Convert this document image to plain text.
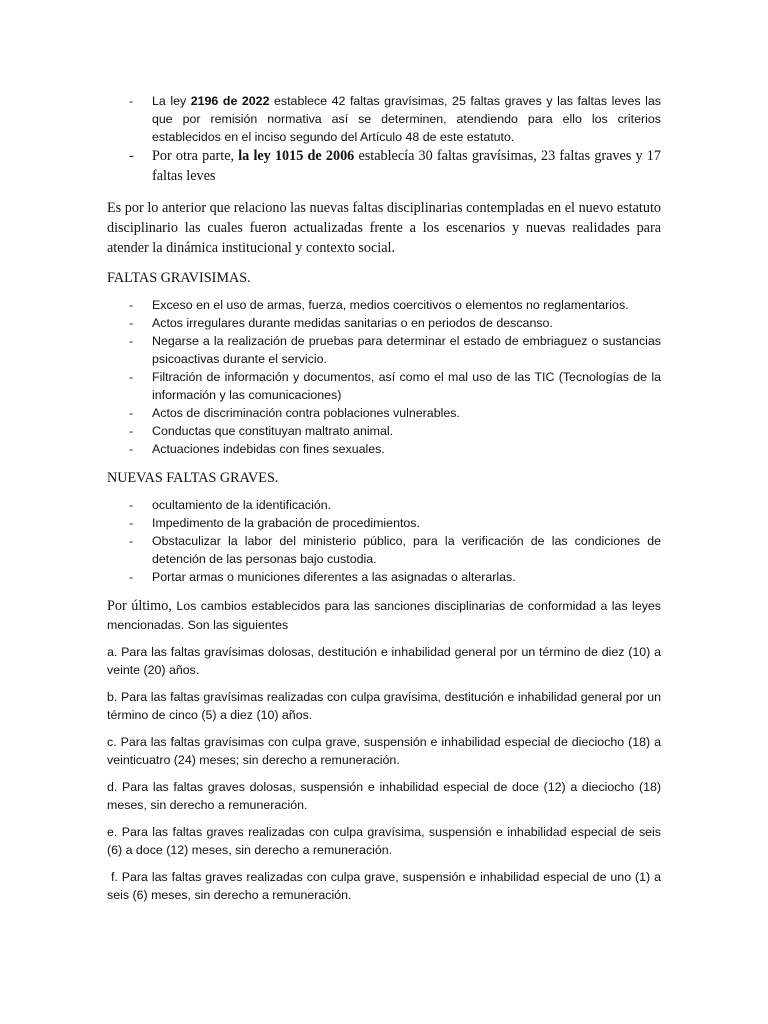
- La ley 2196 de 2022 establece 42 faltas gravísimas, 25 faltas graves y las faltas leves las que por remisión normativa así se determinen, atendiendo para ello los criterios establecidos en el inciso segundo del Artículo 48 de este estatuto.
- Por otra parte, la ley 1015 de 2006 establecía 30 faltas gravísimas, 23 faltas graves y 17 faltas leves

Es por lo anterior que relaciono las nuevas faltas disciplinarias contempladas en el nuevo estatuto disciplinario las cuales fueron actualizadas frente a los escenarios y nuevas realidades para atender la dinámica institucional y contexto social.

FALTAS GRAVISIMAS.

- Exceso en el uso de armas, fuerza, medios coercitivos o elementos no reglamentarios.
- Actos irregulares durante medidas sanitarias o en periodos de descanso.
- Negarse a la realización de pruebas para determinar el estado de embriaguez o sustancias psicoactivas durante el servicio.
- Filtración de información y documentos, así como el mal uso de las TIC (Tecnologías de la información y las comunicaciones)
- Actos de discriminación contra poblaciones vulnerables.
- Conductas que constituyan maltrato animal.
- Actuaciones indebidas con fines sexuales.

NUEVAS FALTAS GRAVES.

- ocultamiento de la identificación.
- Impedimento de la grabación de procedimientos.
- Obstaculizar la labor del ministerio público, para la verificación de las condiciones de detención de las personas bajo custodia.
- Portar armas o municiones diferentes a las asignadas o alterarlas.

Por último, Los cambios establecidos para las sanciones disciplinarias de conformidad a las leyes mencionadas. Son las siguientes

a. Para las faltas gravísimas dolosas, destitución e inhabilidad general por un término de diez (10) a veinte (20) años.

b. Para las faltas gravísimas realizadas con culpa gravísima, destitución e inhabilidad general por un término de cinco (5) a diez (10) años.

c. Para las faltas gravísimas con culpa grave, suspensión e inhabilidad especial de dieciocho (18) a veinticuatro (24) meses; sin derecho a remuneración.

d. Para las faltas graves dolosas, suspensión e inhabilidad especial de doce (12) a dieciocho (18) meses, sin derecho a remuneración.

e. Para las faltas graves realizadas con culpa gravísima, suspensión e inhabilidad especial de seis (6) a doce (12) meses, sin derecho a remuneración.

f. Para las faltas graves realizadas con culpa grave, suspensión e inhabilidad especial de uno (1) a seis (6) meses, sin derecho a remuneración.
